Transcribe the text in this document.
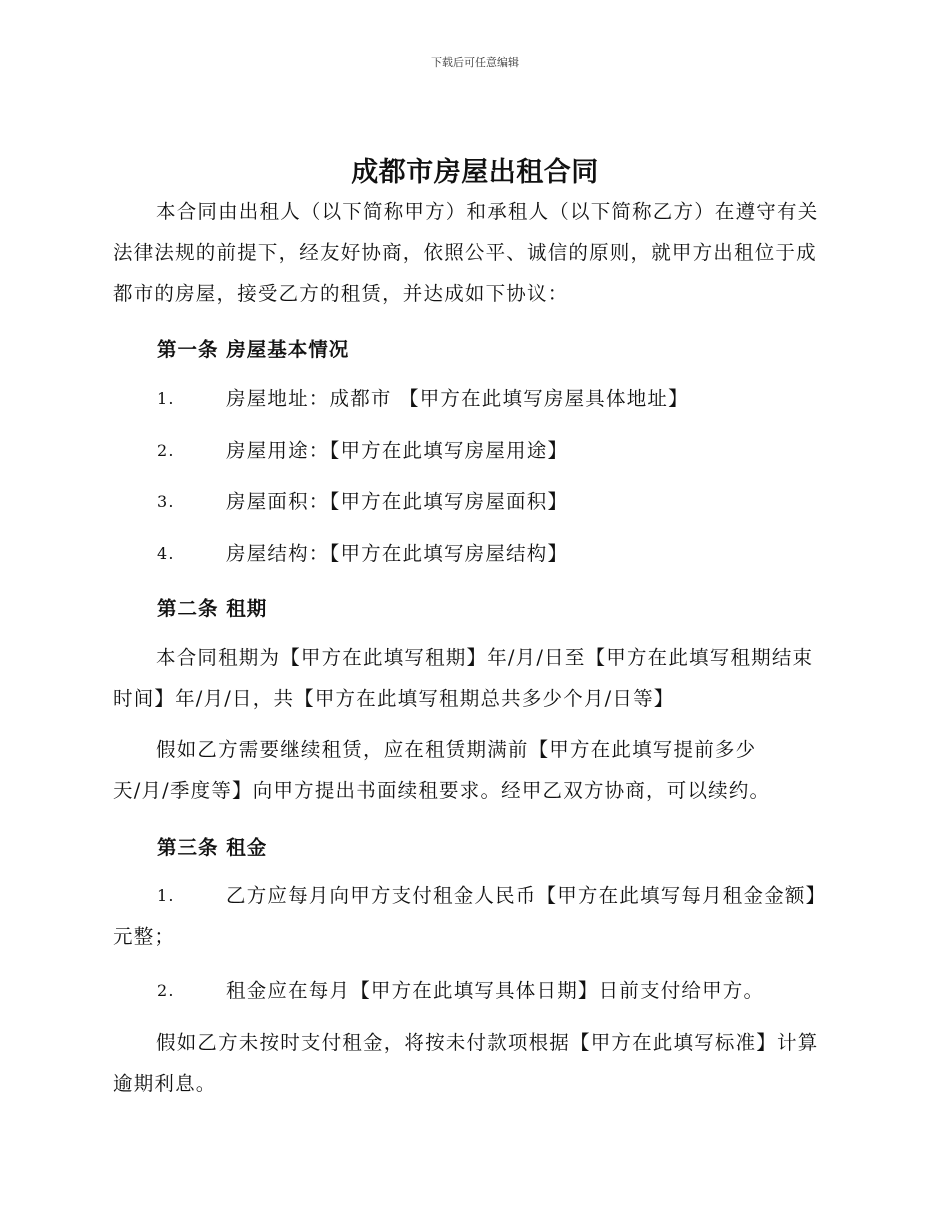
下载后可任意编辑
成都市房屋出租合同
本合同由出租人（以下简称甲方）和承租人（以下简称乙方）在遵守有关法律法规的前提下，经友好协商，依照公平、诚信的原则，就甲方出租位于成都市的房屋，接受乙方的租赁，并达成如下协议：
第一条 房屋基本情况
1.	房屋地址：成都市 【甲方在此填写房屋具体地址】
2.	房屋用途：【甲方在此填写房屋用途】
3.	房屋面积：【甲方在此填写房屋面积】
4.	房屋结构：【甲方在此填写房屋结构】
第二条 租期
本合同租期为【甲方在此填写租期】年/月/日至【甲方在此填写租期结束时间】年/月/日，共【甲方在此填写租期总共多少个月/日等】
假如乙方需要继续租赁，应在租赁期满前【甲方在此填写提前多少
天/月/季度等】向甲方提出书面续租要求。经甲乙双方协商，可以续约。
第三条 租金
1.	乙方应每月向甲方支付租金人民币【甲方在此填写每月租金金额】元整；
2.	租金应在每月【甲方在此填写具体日期】日前支付给甲方。
假如乙方未按时支付租金，将按未付款项根据【甲方在此填写标准】计算逾期利息。
